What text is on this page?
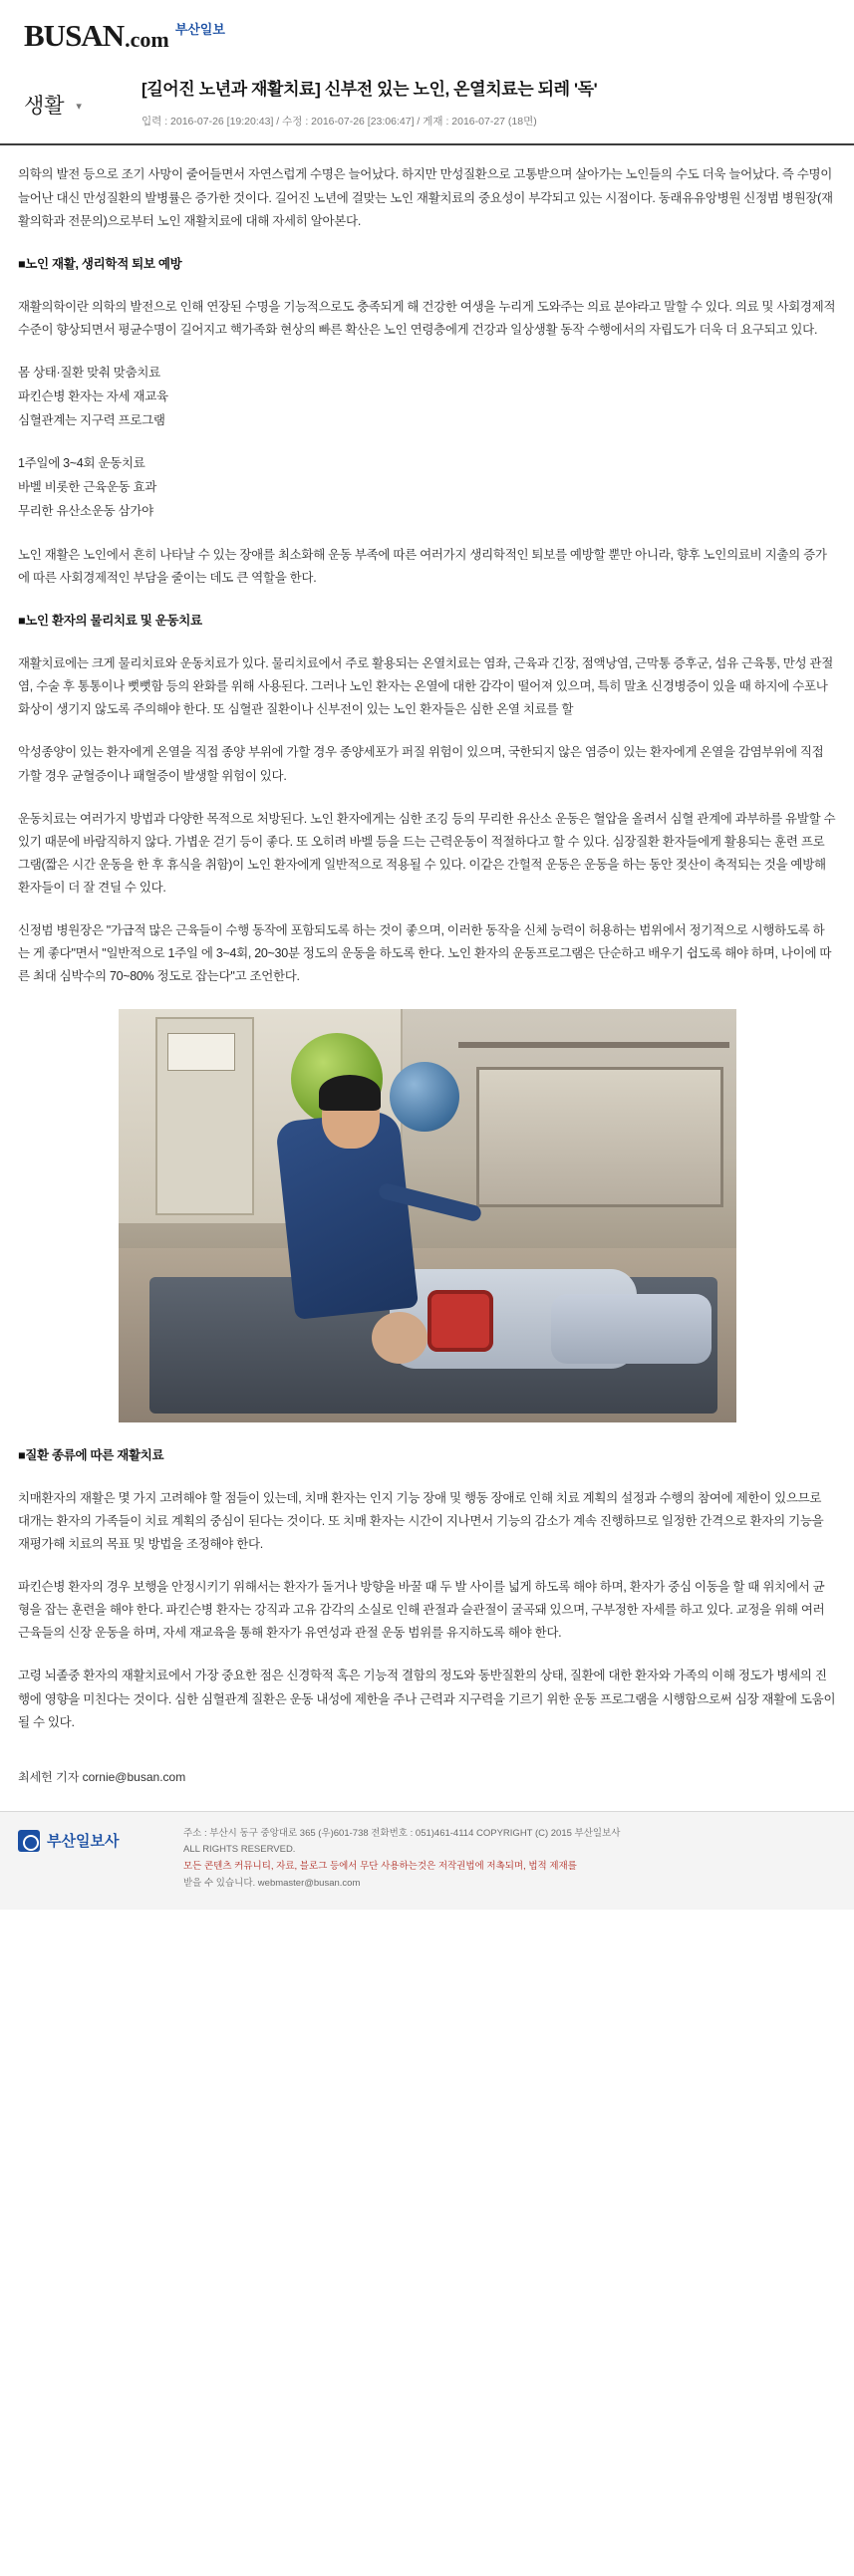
BUSAN .com 부산일보
생활 ▾
[길어진 노년과 재활치료] 신부전 있는 노인, 온열치료는 되레 '독'
입력 : 2016-07-26 [19:20:43] / 수정 : 2016-07-26 [23:06:47] / 게재 : 2016-07-27 (18면)

의학의 발전 등으로 조기 사망이 줄어들면서 자연스럽게 수명은 늘어났다. 하지만 만성질환으로 고통받으며 살아가는 노인들의 수도 더욱 늘어났다. 즉 수명이 늘어난 대신 만성질환의 발병률은 증가한 것이다. 길어진 노년에 걸맞는 노인 재활치료의 중요성이 부각되고 있는 시점이다. 동래유유앙병원 신정범 병원장(재활의학과 전문의)으로부터 노인 재활치료에 대해 자세히 알아본다.

■노인 재활, 생리학적 퇴보 예방

재활의학이란 의학의 발전으로 인해 연장된 수명을 기능적으로도 충족되게 해 건강한 여생을 누리게 도와주는 의료 분야라고 말할 수 있다. 의료 및 사회경제적 수준이 향상되면서 평균수명이 길어지고 핵가족화 현상의 빠른 확산은 노인 연령층에게 건강과 일상생활 동작 수행에서의 자립도가 더욱 더 요구되고 있다.

몸 상태·질환 맞춰 맞춤치료
파킨슨병 환자는 자세 재교육
심혈관계는 지구력 프로그램
1주일에 3~4회 운동치료
바벨 비롯한 근육운동 효과
무리한 유산소운동 삼가야

노인 재활은 노인에서 흔히 나타날 수 있는 장애를 최소화해 운동 부족에 따른 여러가지 생리학적인 퇴보를 예방할 뿐만 아니라, 향후 노인의료비 지출의 증가에 따른 사회경제적인 부담을 줄이는 데도 큰 역할을 한다.

■노인 환자의 물리치료 및 운동치료

재활치료에는 크게 물리치료와 운동치료가 있다. 물리치료에서 주로 활용되는 온열치료는 염좌, 근육과 긴장, 점액낭염, 근막통 증후군, 섬유 근육통, 만성 관절염, 수술 후 통통이나 뻣뻣함 등의 완화를 위해 사용된다. 그러나 노인 환자는 온열에 대한 감각이 떨어져 있으며, 특히 말초 신경병증이 있을 때 하지에 수포나 화상이 생기지 않도록 주의해야 한다. 또 심혈관 질환이나 신부전이 있는 노인 환자들은 심한 온열 치료를 할

악성종양이 있는 환자에게 온열을 직접 종양 부위에 가할 경우 종양세포가 퍼질 위험이 있으며, 국한되지 않은 염증이 있는 환자에게 온열을 감염부위에 직접 가할 경우 균혈증이나 패혈증이 발생할 위험이 있다.

운동치료는 여러가지 방법과 다양한 목적으로 처방된다. 노인 환자에게는 심한 조깅 등의 무리한 유산소 운동은 혈압을 올려서 심혈 관계에 과부하를 유발할 수 있기 때문에 바람직하지 않다. 가볍운 걷기 등이 좋다. 또 오히려 바벨 등을 드는 근력운동이 적절하다고 할 수 있다. 심장질환 환자들에게 활용되는 훈련 프로그램(짧은 시간 운동을 한 후 휴식을 취함)이 노인 환자에게 일반적으로 적용될 수 있다. 이같은 간헐적 운동은 운동을 하는 동안 젖산이 축적되는 것을 예방해 환자들이 더 잘 견딜 수 있다.

신정범 병원장은 "가급적 많은 근육들이 수행 동작에 포함되도록 하는 것이 좋으며, 이러한 동작을 신체 능력이 허용하는 범위에서 정기적으로 시행하도록 하는 게 좋다"면서 "일반적으로 1주일 에 3~4회, 20~30분 정도의 운동을 하도록 한다. 노인 환자의 운동프로그램은 단순하고 배우기 쉽도록 해야 하며, 나이에 따른 최대 심박수의 70~80% 정도로 잡는다"고 조언한다.

■질환 종류에 따른 재활치료

치매환자의 재활은 몇 가지 고려해야 할 점들이 있는데, 치매 환자는 인지 기능 장애 및 행동 장애로 인해 치료 계획의 설정과 수행의 참여에 제한이 있으므로 대개는 환자의 가족들이 치료 계획의 중심이 된다는 것이다. 또 치매 환자는 시간이 지나면서 기능의 감소가 계속 진행하므로 일정한 간격으로 환자의 기능을 재평가해 치료의 목표 및 방법을 조정해야 한다.

파킨슨병 환자의 경우 보행을 안정시키기 위해서는 환자가 돌거나 방향을 바꿀 때 두 발 사이를 넓게 하도록 해야 하며, 환자가 중심 이동을 할 때 위치에서 균형을 잡는 훈련을 해야 한다. 파킨슨병 환자는 강직과 고유 감각의 소실로 인해 관절과 슬관절이 굴곡돼 있으며, 구부정한 자세를 하고 있다. 교정을 위해 여러 근육들의 신장 운동을 하며, 자세 재교육을 통해 환자가 유연성과 관절 운동 범위를 유지하도록 해야 한다.

고령 뇌졸중 환자의 재활치료에서 가장 중요한 점은 신경학적 혹은 기능적 결함의 정도와 동반질환의 상태, 질환에 대한 환자와 가족의 이해 정도가 병세의 진행에 영향을 미친다는 것이다. 심한 심혈관계 질환은 운동 내성에 제한을 주나 근력과 지구력을 기르기 위한 운동 프로그램을 시행함으로써 심장 재활에 도움이 될 수 있다.

최세헌 기자 cornie@busan.com
부산일보사
주소 : 부산시 동구 중앙대로 365 (우)601-738 전화번호 : 051)461-4114 COPYRIGHT (C) 2015 부산일보사
ALL RIGHTS RESERVED.
모든 콘텐츠 커뮤니티, 자료, 블로그 등에서 무단 사용하는것은 저작권법에 저촉되며, 법적 제재를
받을 수 있습니다. webmaster@busan.com
